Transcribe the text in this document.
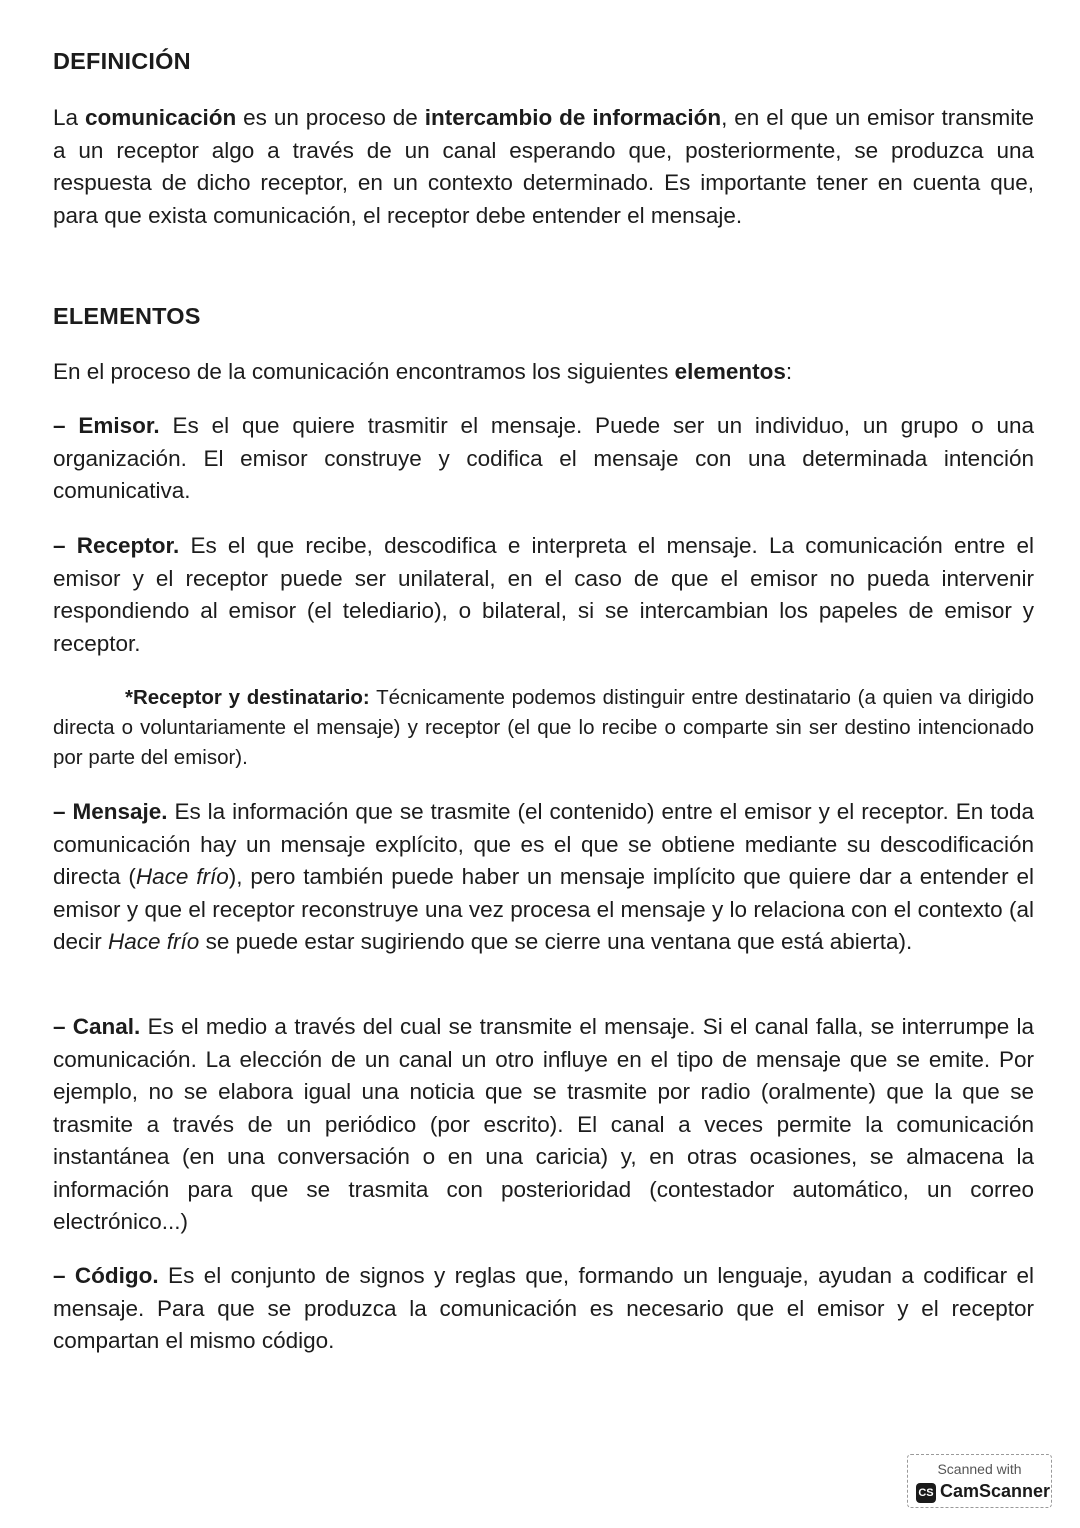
DEFINICIÓN

La comunicación es un proceso de intercambio de información, en el que un emisor transmite a un receptor algo a través de un canal esperando que, posteriormente, se produzca una respuesta de dicho receptor, en un contexto determinado. Es importante tener en cuenta que, para que exista comunicación, el receptor debe entender el mensaje.

ELEMENTOS

En el proceso de la comunicación encontramos los siguientes elementos:

– Emisor. Es el que quiere trasmitir el mensaje. Puede ser un individuo, un grupo o una organización. El emisor construye y codifica el mensaje con una determinada intención comunicativa.

– Receptor. Es el que recibe, descodifica e interpreta el mensaje. La comunicación entre el emisor y el receptor puede ser unilateral, en el caso de que el emisor no pueda intervenir respondiendo al emisor (el telediario), o bilateral, si se intercambian los papeles de emisor y receptor.

*Receptor y destinatario: Técnicamente podemos distinguir entre destinatario (a quien va dirigido directa o voluntariamente el mensaje) y receptor (el que lo recibe o comparte sin ser destino intencionado por parte del emisor).

– Mensaje. Es la información que se trasmite (el contenido) entre el emisor y el receptor. En toda comunicación hay un mensaje explícito, que es el que se obtiene mediante su descodificación directa (Hace frío), pero también puede haber un mensaje implícito que quiere dar a entender el emisor y que el receptor reconstruye una vez procesa el mensaje y lo relaciona con el contexto (al decir Hace frío se puede estar sugiriendo que se cierre una ventana que está abierta).

– Canal. Es el medio a través del cual se transmite el mensaje. Si el canal falla, se interrumpe la comunicación. La elección de un canal un otro influye en el tipo de mensaje que se emite. Por ejemplo, no se elabora igual una noticia que se trasmite por radio (oralmente) que la que se trasmite a través de un periódico (por escrito). El canal a veces permite la comunicación instantánea (en una conversación o en una caricia) y, en otras ocasiones, se almacena la información para que se trasmita con posterioridad (contestador automático, un correo electrónico...)

– Código. Es el conjunto de signos y reglas que, formando un lenguaje, ayudan a codificar el mensaje. Para que se produzca la comunicación es necesario que el emisor y el receptor compartan el mismo código.

Scanned with
CS CamScanner
